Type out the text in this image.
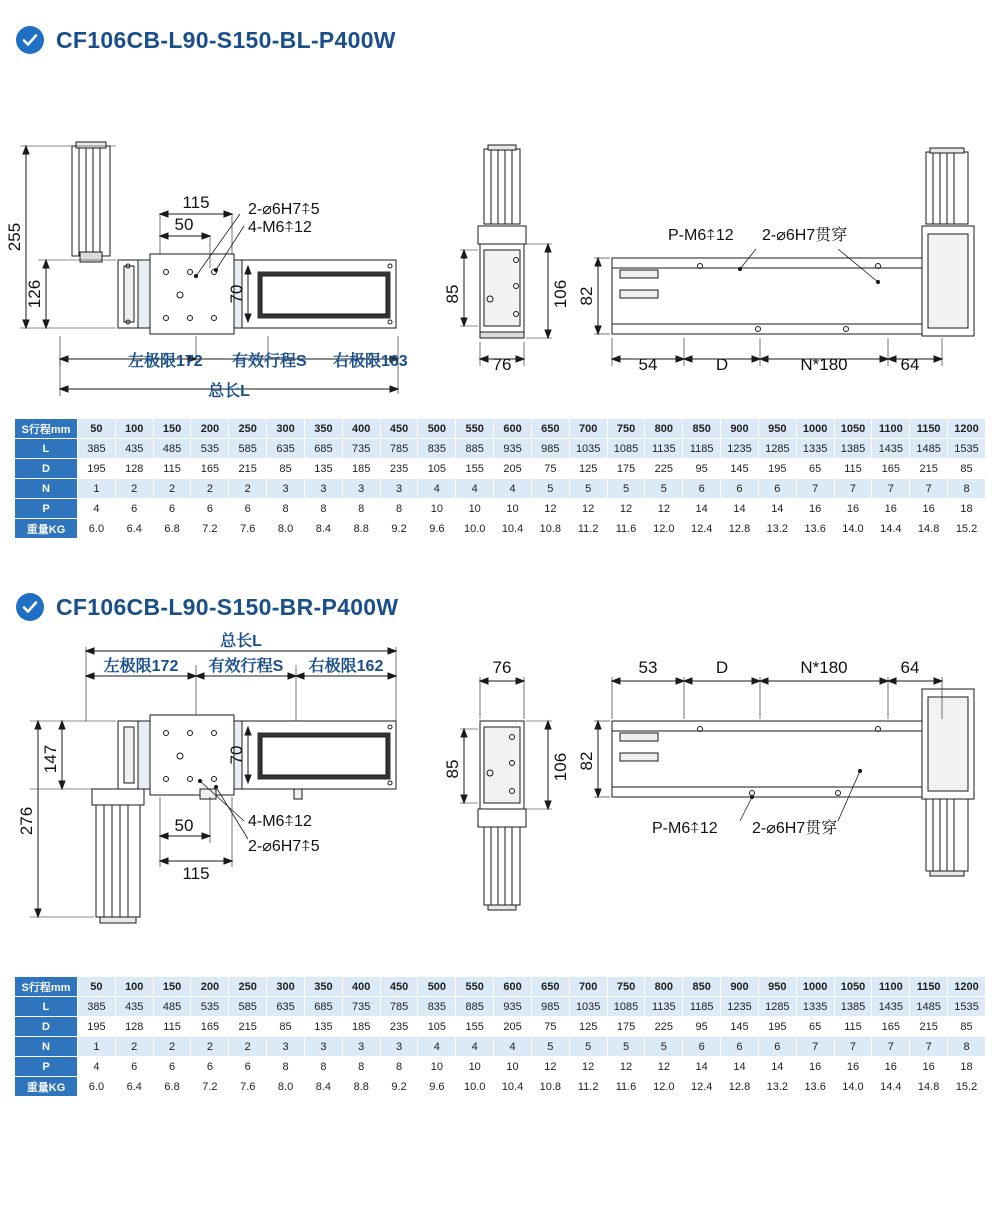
CF106CB-L90-S150-BL-P400W
255
126
115
50
70
2-⌀6H7⍏5
4-M6⍏12
左极限172 有效行程S 右极限163
总长L
85	106
76
P-M6⍏12 2-⌀6H7贯穿
82
54	D	N*180	64
S行程mm	50	100	150	200	250	300	350	400	450	500	550	600	650	700	750	800	850	900	950	1000	1050	1100	1150	1200
L	385	435	485	535	585	635	685	735	785	835	885	935	985	1035	1085	1135	1185	1235	1285	1335	1385	1435	1485	1535
D	195	128	115	165	215	85	135	185	235	105	155	205	75	125	175	225	95	145	195	65	115	165	215	85
N	1	2	2	2	2	3	3	3	3	4	4	4	5	5	5	5	6	6	6	7	7	7	7	8
P	4	6	6	6	6	8	8	8	8	10	10	10	12	12	12	12	14	14	14	16	16	16	16	18
重量KG	6.0	6.4	6.8	7.2	7.6	8.0	8.4	8.8	9.2	9.6	10.0	10.4	10.8	11.2	11.6	12.0	12.4	12.8	13.2	13.6	14.0	14.4	14.8	15.2
CF106CB-L90-S150-BR-P400W
总长L
左极限172 有效行程S 右极限162
147
276
70
50
115
4-M6⍏12
2-⌀6H7⍏5
76
85	106
53	D	N*180	64
82
P-M6⍏12 2-⌀6H7贯穿
S行程mm	50	100	150	200	250	300	350	400	450	500	550	600	650	700	750	800	850	900	950	1000	1050	1100	1150	1200
L	385	435	485	535	585	635	685	735	785	835	885	935	985	1035	1085	1135	1185	1235	1285	1335	1385	1435	1485	1535
D	195	128	115	165	215	85	135	185	235	105	155	205	75	125	175	225	95	145	195	65	115	165	215	85
N	1	2	2	2	2	3	3	3	3	4	4	4	5	5	5	5	6	6	6	7	7	7	7	8
P	4	6	6	6	6	8	8	8	8	10	10	10	12	12	12	12	14	14	14	16	16	16	16	18
重量KG	6.0	6.4	6.8	7.2	7.6	8.0	8.4	8.8	9.2	9.6	10.0	10.4	10.8	11.2	11.6	12.0	12.4	12.8	13.2	13.6	14.0	14.4	14.8	15.2
